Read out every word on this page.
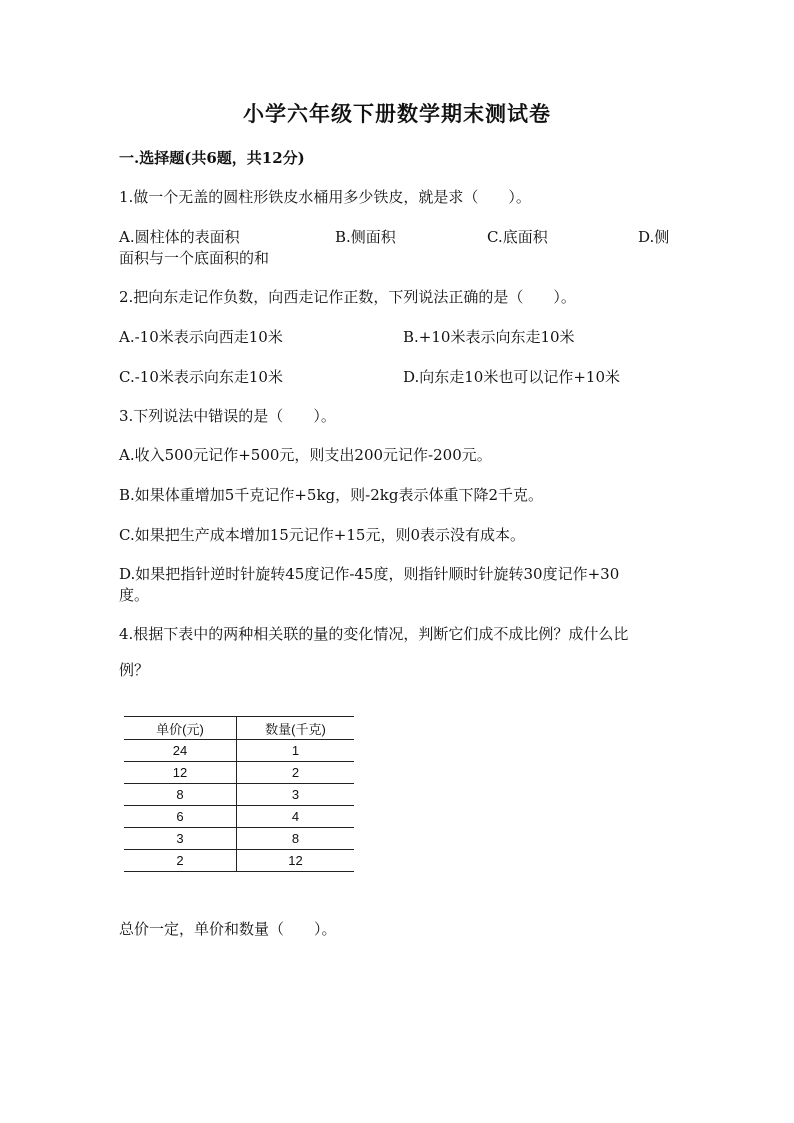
小学六年级下册数学期末测试卷
一.选择题(共6题，共12分)
1.做一个无盖的圆柱形铁皮水桶用多少铁皮，就是求（　　）。
A.圆柱体的表面积	B.侧面积	C.底面积	D.侧
面积与一个底面积的和
2.把向东走记作负数，向西走记作正数，下列说法正确的是（　　）。
A.-10米表示向西走10米	B.+10米表示向东走10米
C.-10米表示向东走10米	D.向东走10米也可以记作+10米
3.下列说法中错误的是（　　）。
A.收入500元记作+500元，则支出200元记作-200元。
B.如果体重增加5千克记作+5kg，则-2kg表示体重下降2千克。
C.如果把生产成本增加15元记作+15元，则0表示没有成本。
D.如果把指针逆时针旋转45度记作-45度，则指针顺时针旋转30度记作+30
度。
4.根据下表中的两种相关联的量的变化情况，判断它们成不成比例？成什么比
例？
单价(元)	数量(千克)
24	1
12	2
8	3
6	4
3	8
2	12
总价一定，单价和数量（　　）。
